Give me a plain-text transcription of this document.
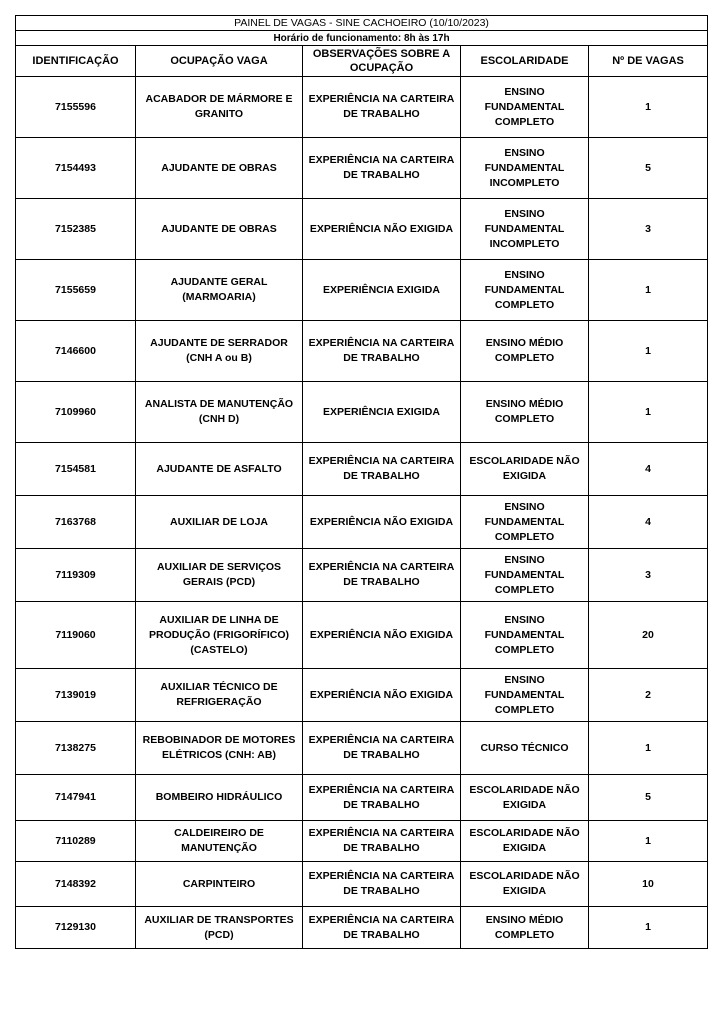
PAINEL DE VAGAS - SINE CACHOEIRO (10/10/2023)				
Horário de funcionamento: 8h às 17h				
IDENTIFICAÇÃO	OCUPAÇÃO VAGA	OBSERVAÇÕES SOBRE A OCUPAÇÃO	ESCOLARIDADE	Nº DE VAGAS
7155596	ACABADOR DE MÁRMORE E GRANITO	EXPERIÊNCIA NA CARTEIRA DE TRABALHO	ENSINO FUNDAMENTAL COMPLETO	1
7154493	AJUDANTE DE OBRAS	EXPERIÊNCIA NA CARTEIRA DE TRABALHO	ENSINO FUNDAMENTAL INCOMPLETO	5
7152385	AJUDANTE DE OBRAS	EXPERIÊNCIA NÃO EXIGIDA	ENSINO FUNDAMENTAL INCOMPLETO	3
7155659	AJUDANTE GERAL (MARMOARIA)	EXPERIÊNCIA EXIGIDA	ENSINO FUNDAMENTAL COMPLETO	1
7146600	AJUDANTE DE SERRADOR (CNH A ou B)	EXPERIÊNCIA NA CARTEIRA DE TRABALHO	ENSINO MÉDIO COMPLETO	1
7109960	ANALISTA DE MANUTENÇÃO (CNH D)	EXPERIÊNCIA EXIGIDA	ENSINO MÉDIO COMPLETO	1
7154581	AJUDANTE DE ASFALTO	EXPERIÊNCIA NA CARTEIRA DE TRABALHO	ESCOLARIDADE NÃO EXIGIDA	4
7163768	AUXILIAR DE LOJA	EXPERIÊNCIA NÃO EXIGIDA	ENSINO FUNDAMENTAL COMPLETO	4
7119309	AUXILIAR DE SERVIÇOS GERAIS (PCD)	EXPERIÊNCIA NA CARTEIRA DE TRABALHO	ENSINO FUNDAMENTAL COMPLETO	3
7119060	AUXILIAR DE LINHA DE PRODUÇÃO (FRIGORÍFICO) (CASTELO)	EXPERIÊNCIA NÃO EXIGIDA	ENSINO FUNDAMENTAL COMPLETO	20
7139019	AUXILIAR TÉCNICO DE REFRIGERAÇÃO	EXPERIÊNCIA NÃO EXIGIDA	ENSINO FUNDAMENTAL COMPLETO	2
7138275	REBOBINADOR DE MOTORES ELÉTRICOS (CNH: AB)	EXPERIÊNCIA NA CARTEIRA DE TRABALHO	CURSO TÉCNICO	1
7147941	BOMBEIRO HIDRÁULICO	EXPERIÊNCIA NA CARTEIRA DE TRABALHO	ESCOLARIDADE NÃO EXIGIDA	5
7110289	CALDEIREIRO DE MANUTENÇÃO	EXPERIÊNCIA NA CARTEIRA DE TRABALHO	ESCOLARIDADE NÃO EXIGIDA	1
7148392	CARPINTEIRO	EXPERIÊNCIA NA CARTEIRA DE TRABALHO	ESCOLARIDADE NÃO EXIGIDA	10
7129130	AUXILIAR DE TRANSPORTES (PCD)	EXPERIÊNCIA NA CARTEIRA DE TRABALHO	ENSINO MÉDIO COMPLETO	1
